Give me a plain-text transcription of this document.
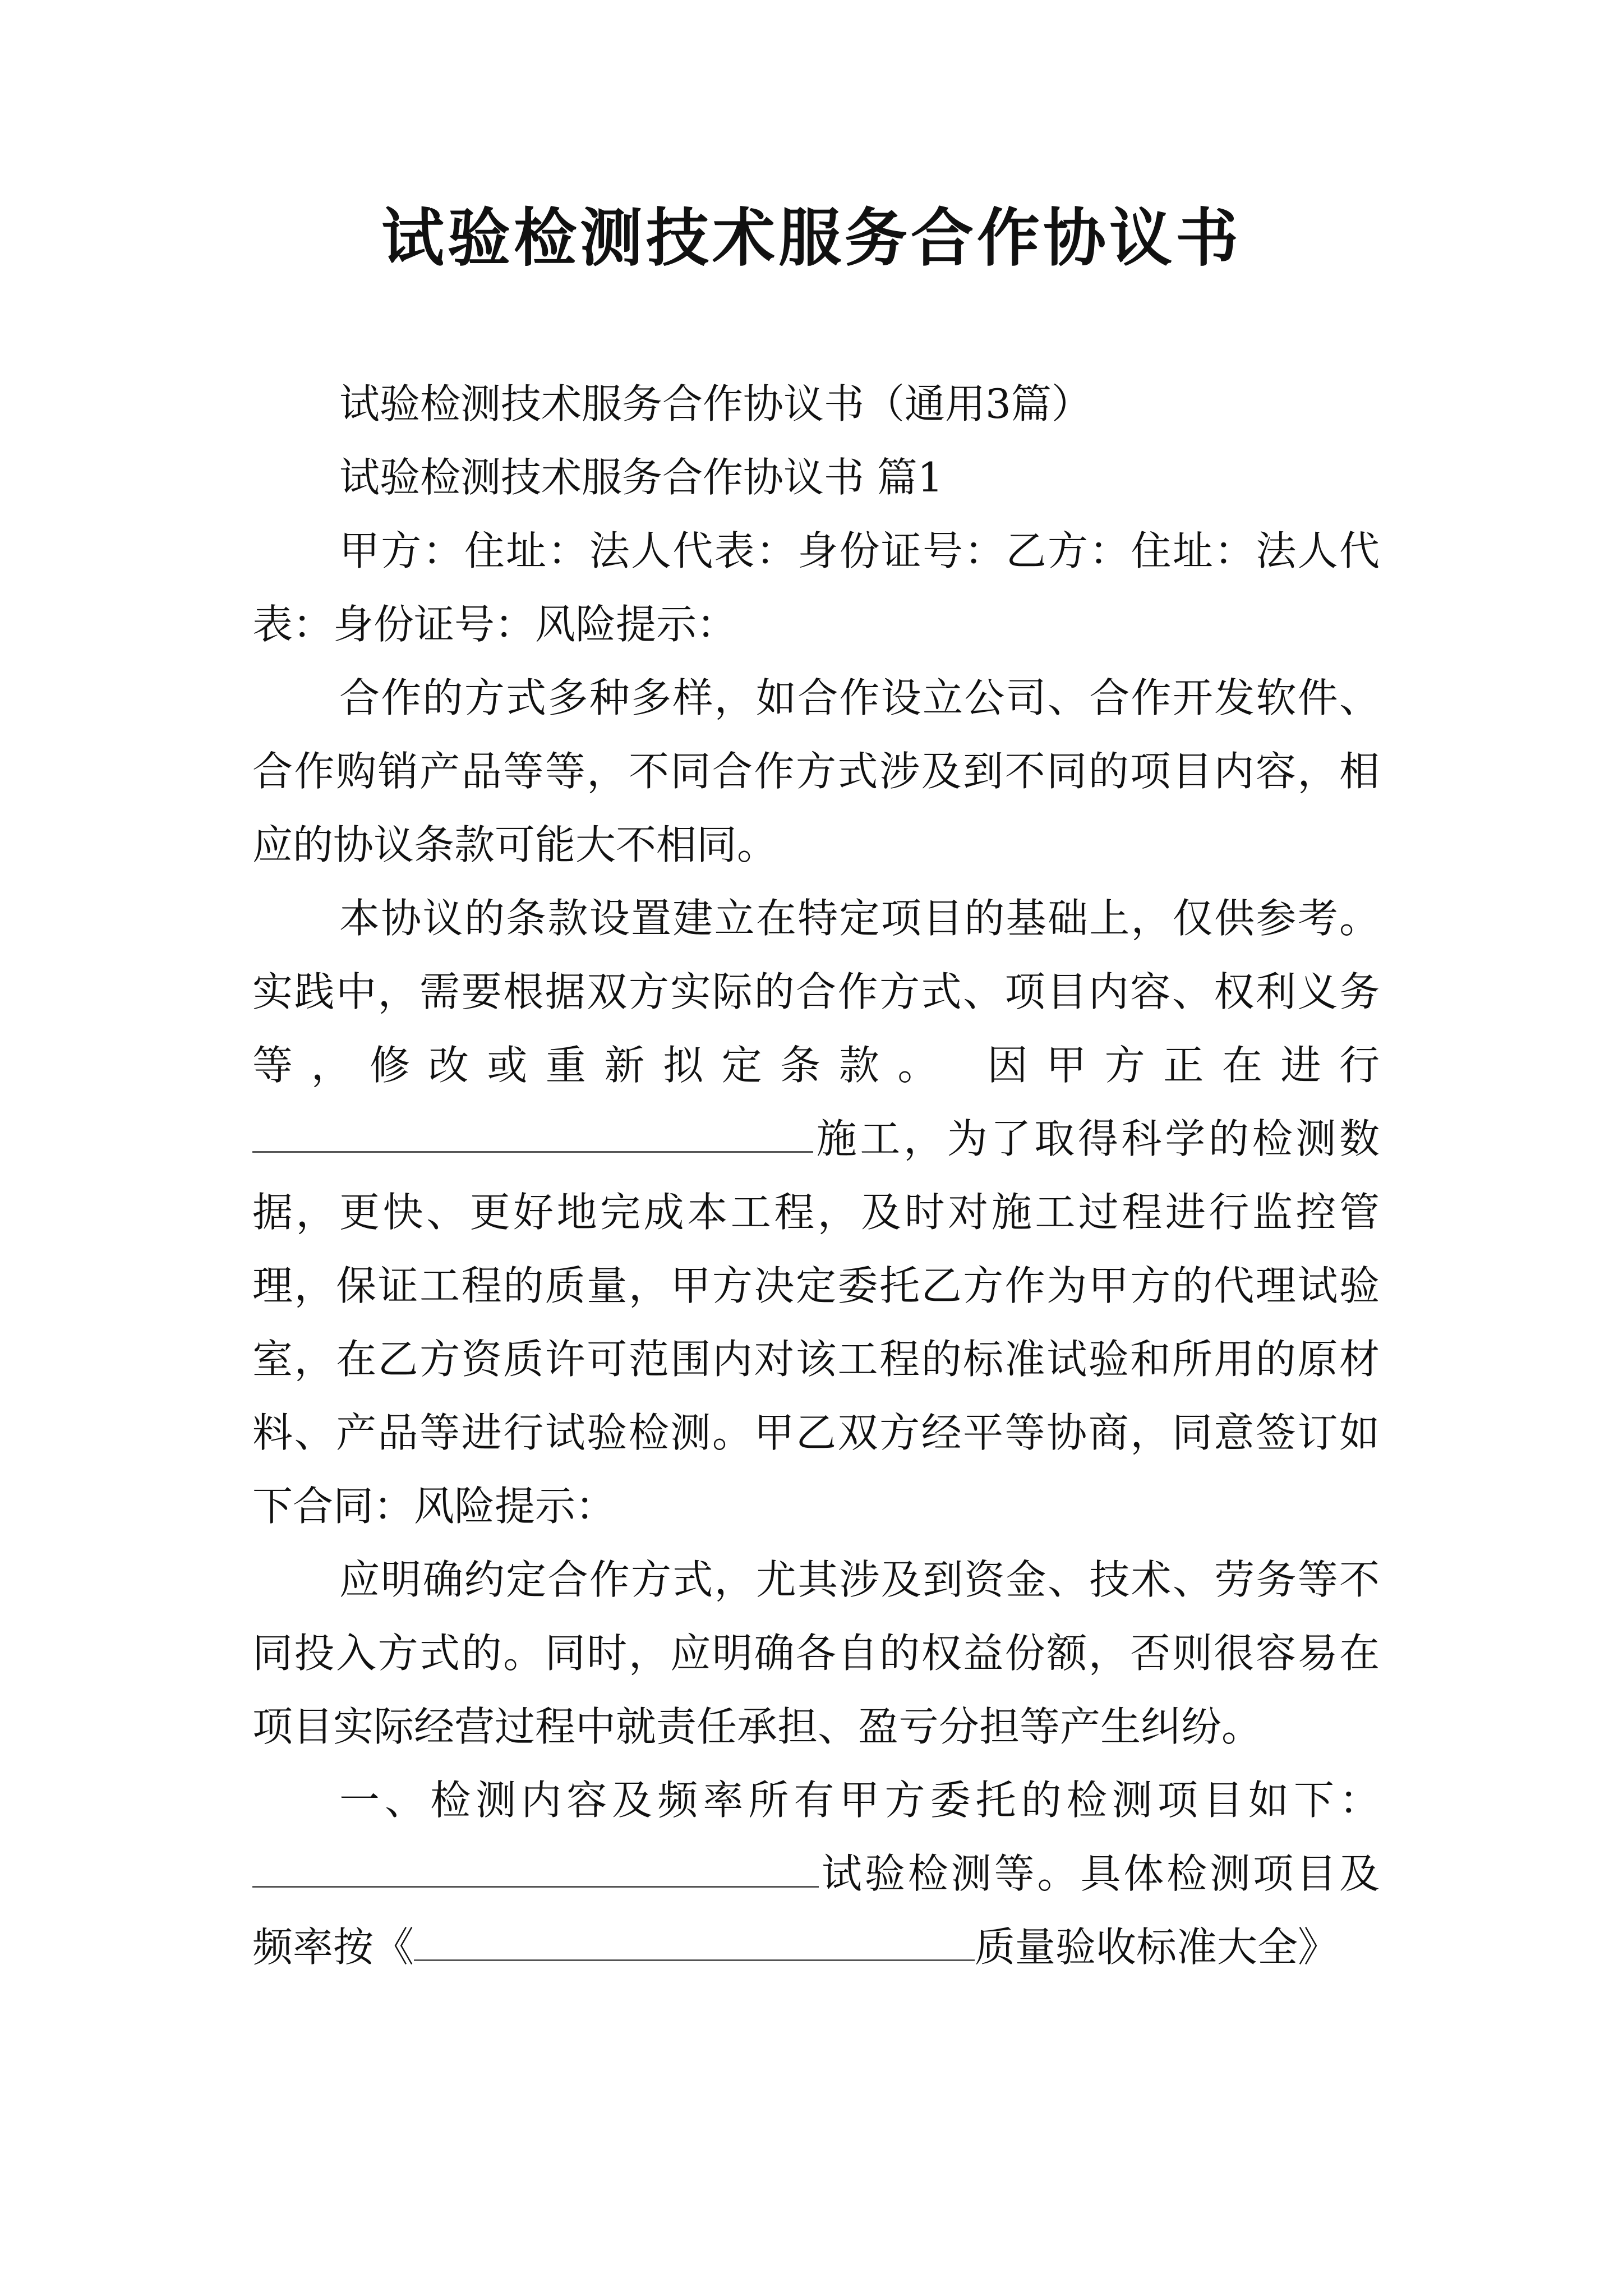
试验检测技术服务合作协议书

试验检测技术服务合作协议书（通用3篇）

试验检测技术服务合作协议书 篇1

甲方：住址：法人代表：身份证号：乙方：住址：法人代表：身份证号：风险提示：

合作的方式多种多样，如合作设立公司、合作开发软件、合作购销产品等等，不同合作方式涉及到不同的项目内容，相应的协议条款可能大不相同。

本协议的条款设置建立在特定项目的基础上，仅供参考。实践中，需要根据双方实际的合作方式、项目内容、权利义务等，修改或重新拟定条款。 因甲方正在进行施工，为了取得科学的检测数据，更快、更好地完成本工程，及时对施工过程进行监控管理，保证工程的质量，甲方决定委托乙方作为甲方的代理试验室，在乙方资质许可范围内对该工程的标准试验和所用的原材料、产品等进行试验检测。甲乙双方经平等协商，同意签订如下合同：风险提示：

应明确约定合作方式，尤其涉及到资金、技术、劳务等不同投入方式的。同时，应明确各自的权益份额，否则很容易在项目实际经营过程中就责任承担、盈亏分担等产生纠纷。

一、检测内容及频率所有甲方委托的检测项目如下：试验检测等。具体检测项目及频率按《	质量验收标准大全》
